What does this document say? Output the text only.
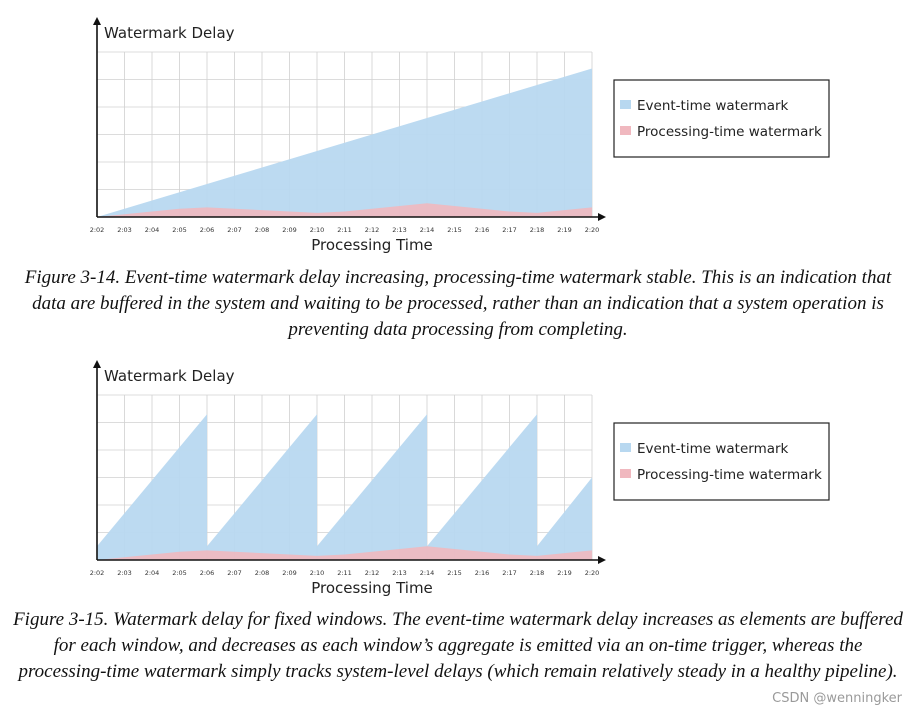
Watermark Delay
Processing Time
2:02 2:03 2:04 2:05 2:06 2:07 2:08 2:09 2:10 2:11 2:12 2:13 2:14 2:15 2:16 2:17 2:18 2:19 2:20
Event-time watermark
Processing-time watermark

Figure 3-14. Event-time watermark delay increasing, processing-time watermark stable. This is an indication that data are buffered in the system and waiting to be processed, rather than an indication that a system operation is preventing data processing from completing.

Watermark Delay
Processing Time
2:02 2:03 2:04 2:05 2:06 2:07 2:08 2:09 2:10 2:11 2:12 2:13 2:14 2:15 2:16 2:17 2:18 2:19 2:20
Event-time watermark
Processing-time watermark

Figure 3-15. Watermark delay for fixed windows. The event-time watermark delay increases as elements are buffered for each window, and decreases as each window’s aggregate is emitted via an on-time trigger, whereas the processing-time watermark simply tracks system-level delays (which remain relatively steady in a healthy pipeline).

CSDN @wenningker
